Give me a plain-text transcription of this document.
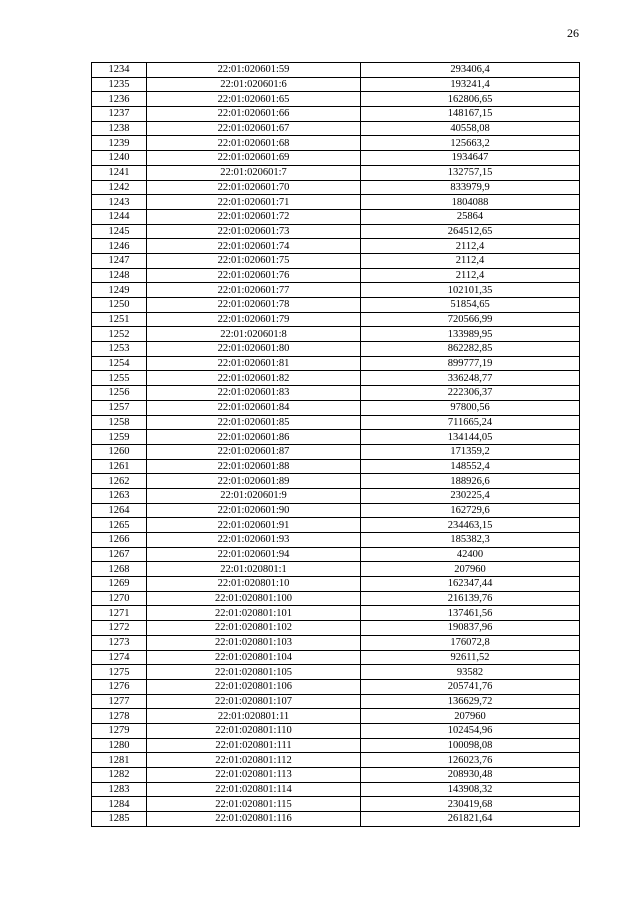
26
1234	22:01:020601:59	293406,4
1235	22:01:020601:6	193241,4
1236	22:01:020601:65	162806,65
1237	22:01:020601:66	148167,15
1238	22:01:020601:67	40558,08
1239	22:01:020601:68	125663,2
1240	22:01:020601:69	1934647
1241	22:01:020601:7	132757,15
1242	22:01:020601:70	833979,9
1243	22:01:020601:71	1804088
1244	22:01:020601:72	25864
1245	22:01:020601:73	264512,65
1246	22:01:020601:74	2112,4
1247	22:01:020601:75	2112,4
1248	22:01:020601:76	2112,4
1249	22:01:020601:77	102101,35
1250	22:01:020601:78	51854,65
1251	22:01:020601:79	720566,99
1252	22:01:020601:8	133989,95
1253	22:01:020601:80	862282,85
1254	22:01:020601:81	899777,19
1255	22:01:020601:82	336248,77
1256	22:01:020601:83	222306,37
1257	22:01:020601:84	97800,56
1258	22:01:020601:85	711665,24
1259	22:01:020601:86	134144,05
1260	22:01:020601:87	171359,2
1261	22:01:020601:88	148552,4
1262	22:01:020601:89	188926,6
1263	22:01:020601:9	230225,4
1264	22:01:020601:90	162729,6
1265	22:01:020601:91	234463,15
1266	22:01:020601:93	185382,3
1267	22:01:020601:94	42400
1268	22:01:020801:1	207960
1269	22:01:020801:10	162347,44
1270	22:01:020801:100	216139,76
1271	22:01:020801:101	137461,56
1272	22:01:020801:102	190837,96
1273	22:01:020801:103	176072,8
1274	22:01:020801:104	92611,52
1275	22:01:020801:105	93582
1276	22:01:020801:106	205741,76
1277	22:01:020801:107	136629,72
1278	22:01:020801:11	207960
1279	22:01:020801:110	102454,96
1280	22:01:020801:111	100098,08
1281	22:01:020801:112	126023,76
1282	22:01:020801:113	208930,48
1283	22:01:020801:114	143908,32
1284	22:01:020801:115	230419,68
1285	22:01:020801:116	261821,64
